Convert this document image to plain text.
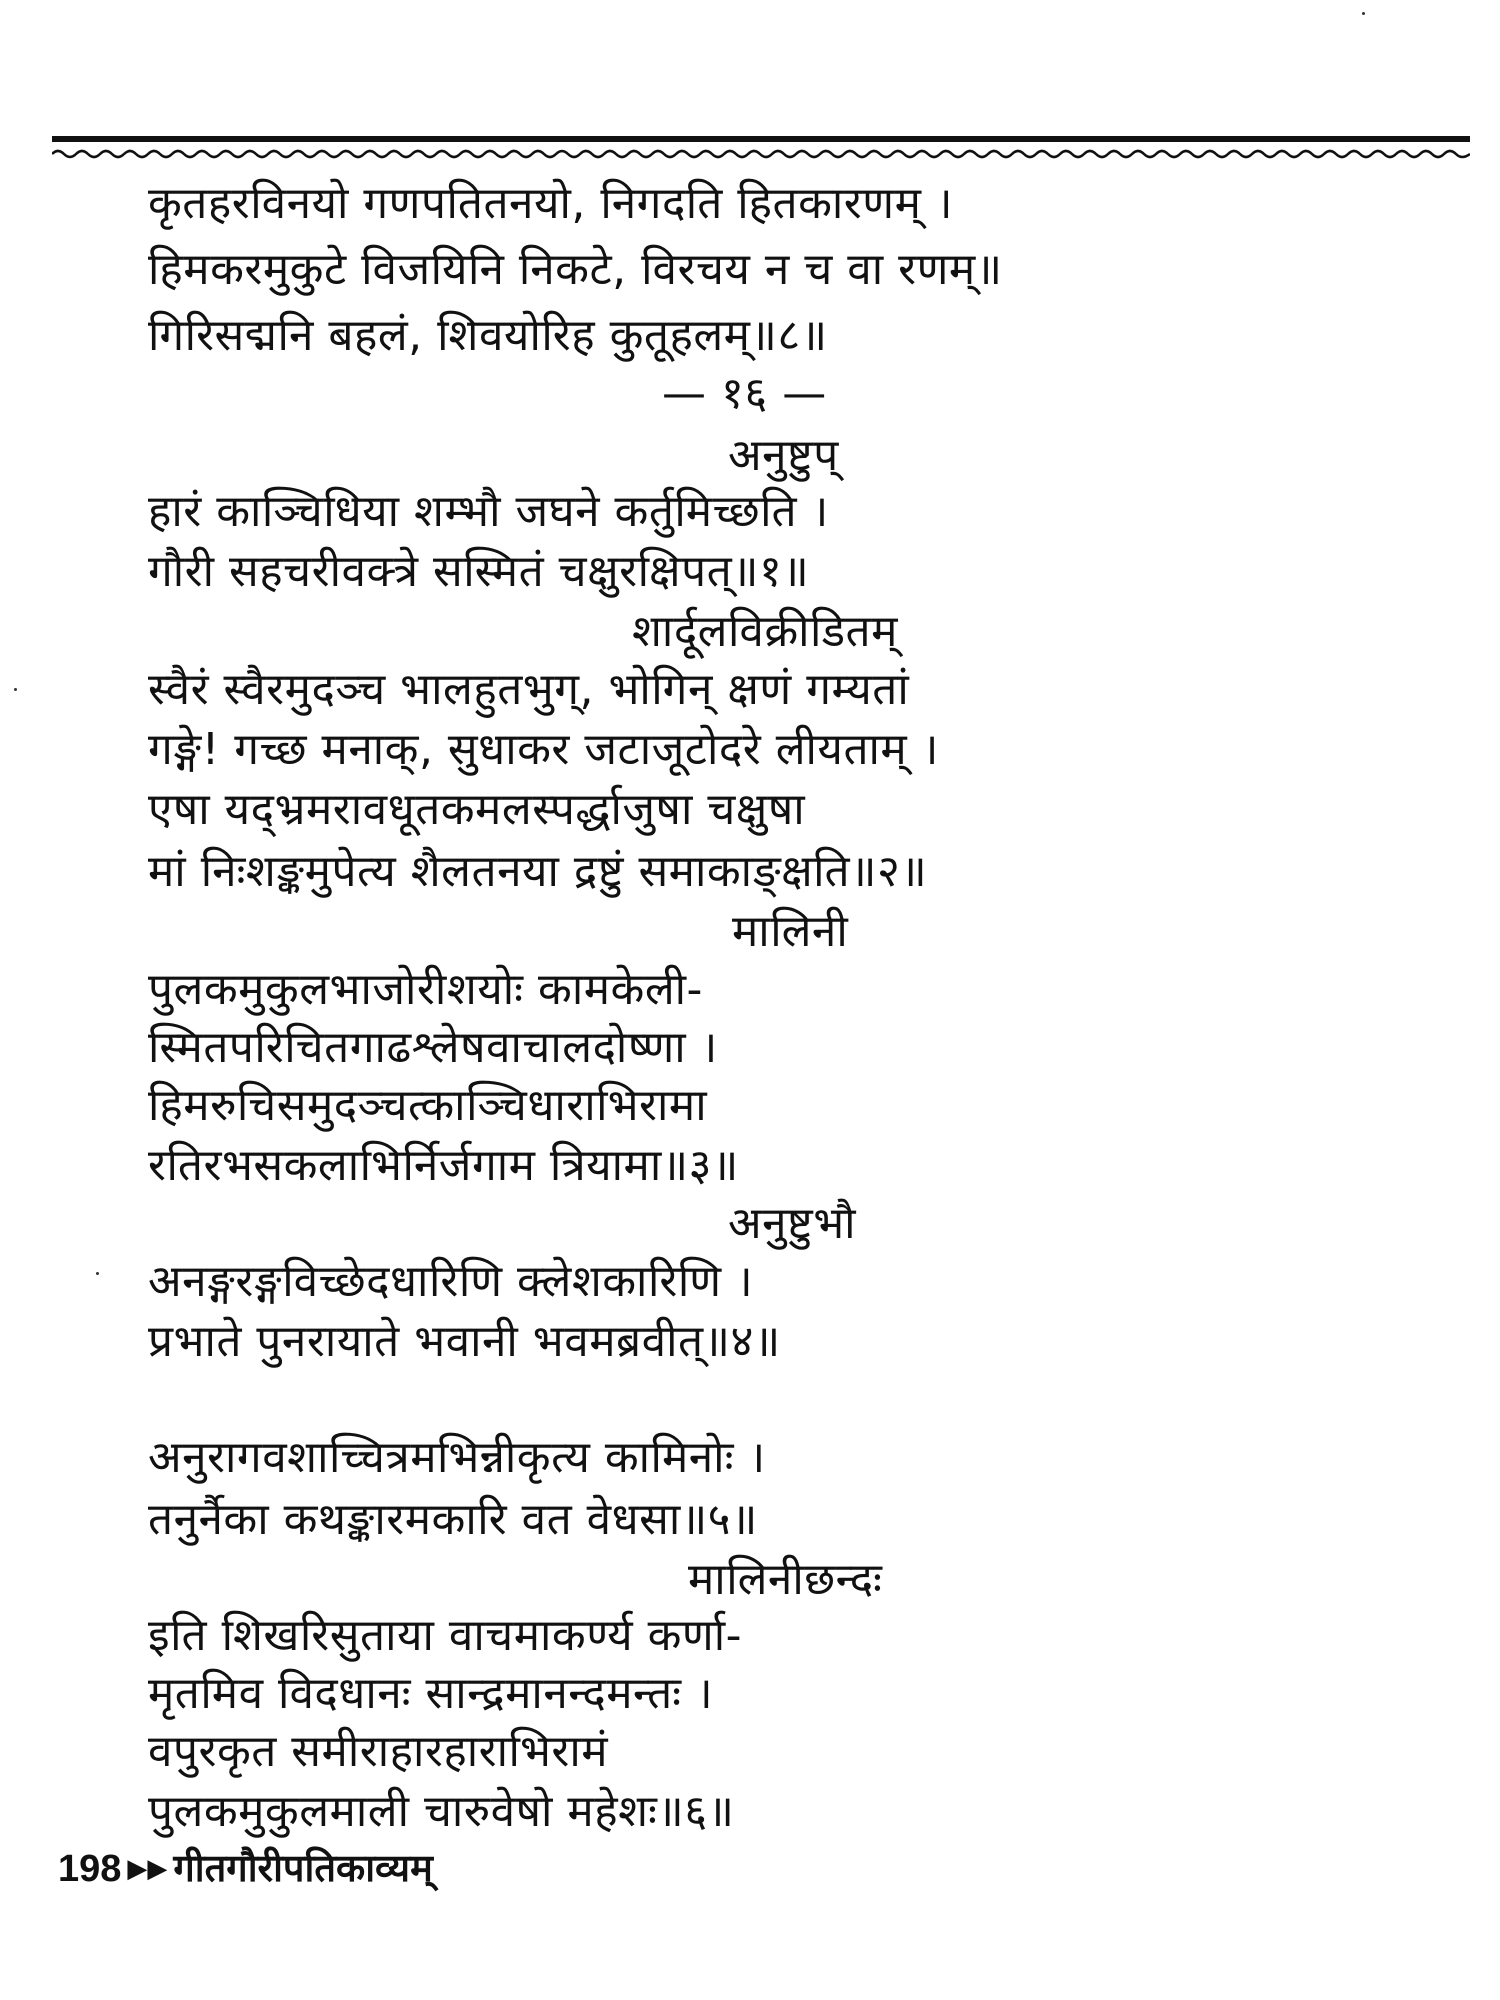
कृतहरविनयो गणपतितनयो, निगदति हितकारणम् ।
हिमकरमुकुटे विजयिनि निकटे, विरचय न च वा रणम्॥
गिरिसद्मनि बहलं, शिवयोरिह कुतूहलम्॥८॥
— १६ —
अनुष्टुप्
हारं काञ्चिधिया शम्भौ जघने कर्तुमिच्छति ।
गौरी सहचरीवक्त्रे सस्मितं चक्षुरक्षिपत्॥१॥
शार्दूलविक्रीडितम्
स्वैरं स्वैरमुदञ्च भालहुतभुग्, भोगिन् क्षणं गम्यतां
गङ्गे! गच्छ मनाक्, सुधाकर जटाजूटोदरे लीयताम् ।
एषा यद्भ्रमरावधूतकमलस्पर्द्धाजुषा चक्षुषा
मां निःशङ्कमुपेत्य शैलतनया द्रष्टुं समाकाङ्क्षति॥२॥
मालिनी
पुलकमुकुलभाजोरीशयोः कामकेली-
स्मितपरिचितगाढश्लेषवाचालदोष्णा ।
हिमरुचिसमुदञ्चत्काञ्चिधाराभिरामा
रतिरभसकलाभिर्निर्जगाम त्रियामा॥३॥
अनुष्टुभौ
अनङ्गरङ्गविच्छेदधारिणि क्लेशकारिणि ।
प्रभाते पुनरायाते भवानी भवमब्रवीत्॥४॥
अनुरागवशाच्चित्रमभिन्नीकृत्य कामिनोः ।
तनुर्नैका कथङ्कारमकारि वत वेधसा॥५॥
मालिनीछन्दः
इति शिखरिसुताया वाचमाकर्ण्य कर्णा-
मृतमिव विदधानः सान्द्रमानन्दमन्तः ।
वपुरकृत समीराहारहाराभिरामं
पुलकमुकुलमाली चारुवेषो महेशः॥६॥
198 ▶▶ गीतगौरीपतिकाव्यम्
